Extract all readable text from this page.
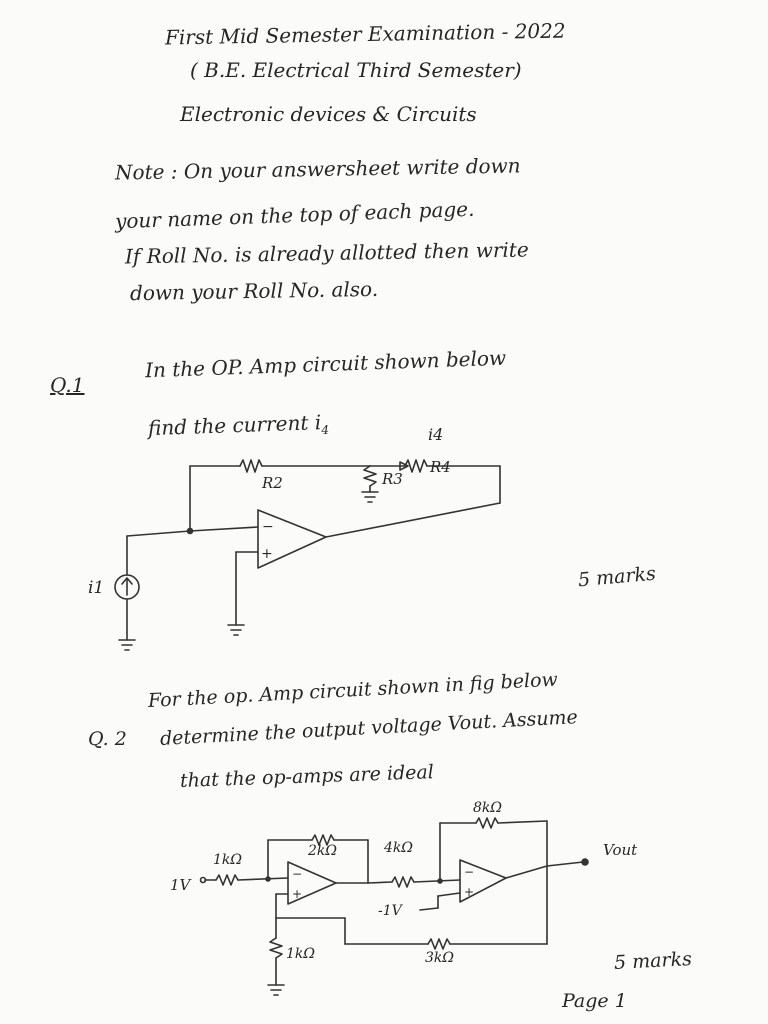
First Mid Semester Examination - 2022
( B.E. Electrical Third Semester)
Electronic devices & Circuits
Note : On your answersheet write down
your name on the top of each page.
If Roll No. is already allotted then write
down your Roll No. also.
Q.1
In the OP. Amp circuit shown below
find the current $i_4$
R2	R3
R4
i4
i1
−
+
5 marks
Q. 2
For the op. Amp circuit shown in fig below
determine the output voltage Vout. Assume
that the op-amps are ideal
1kΩ
2kΩ	4kΩ
8kΩ
3kΩ
1kΩ
1V
-1V
Vout
−
+
−
+
5 marks
Page 1
